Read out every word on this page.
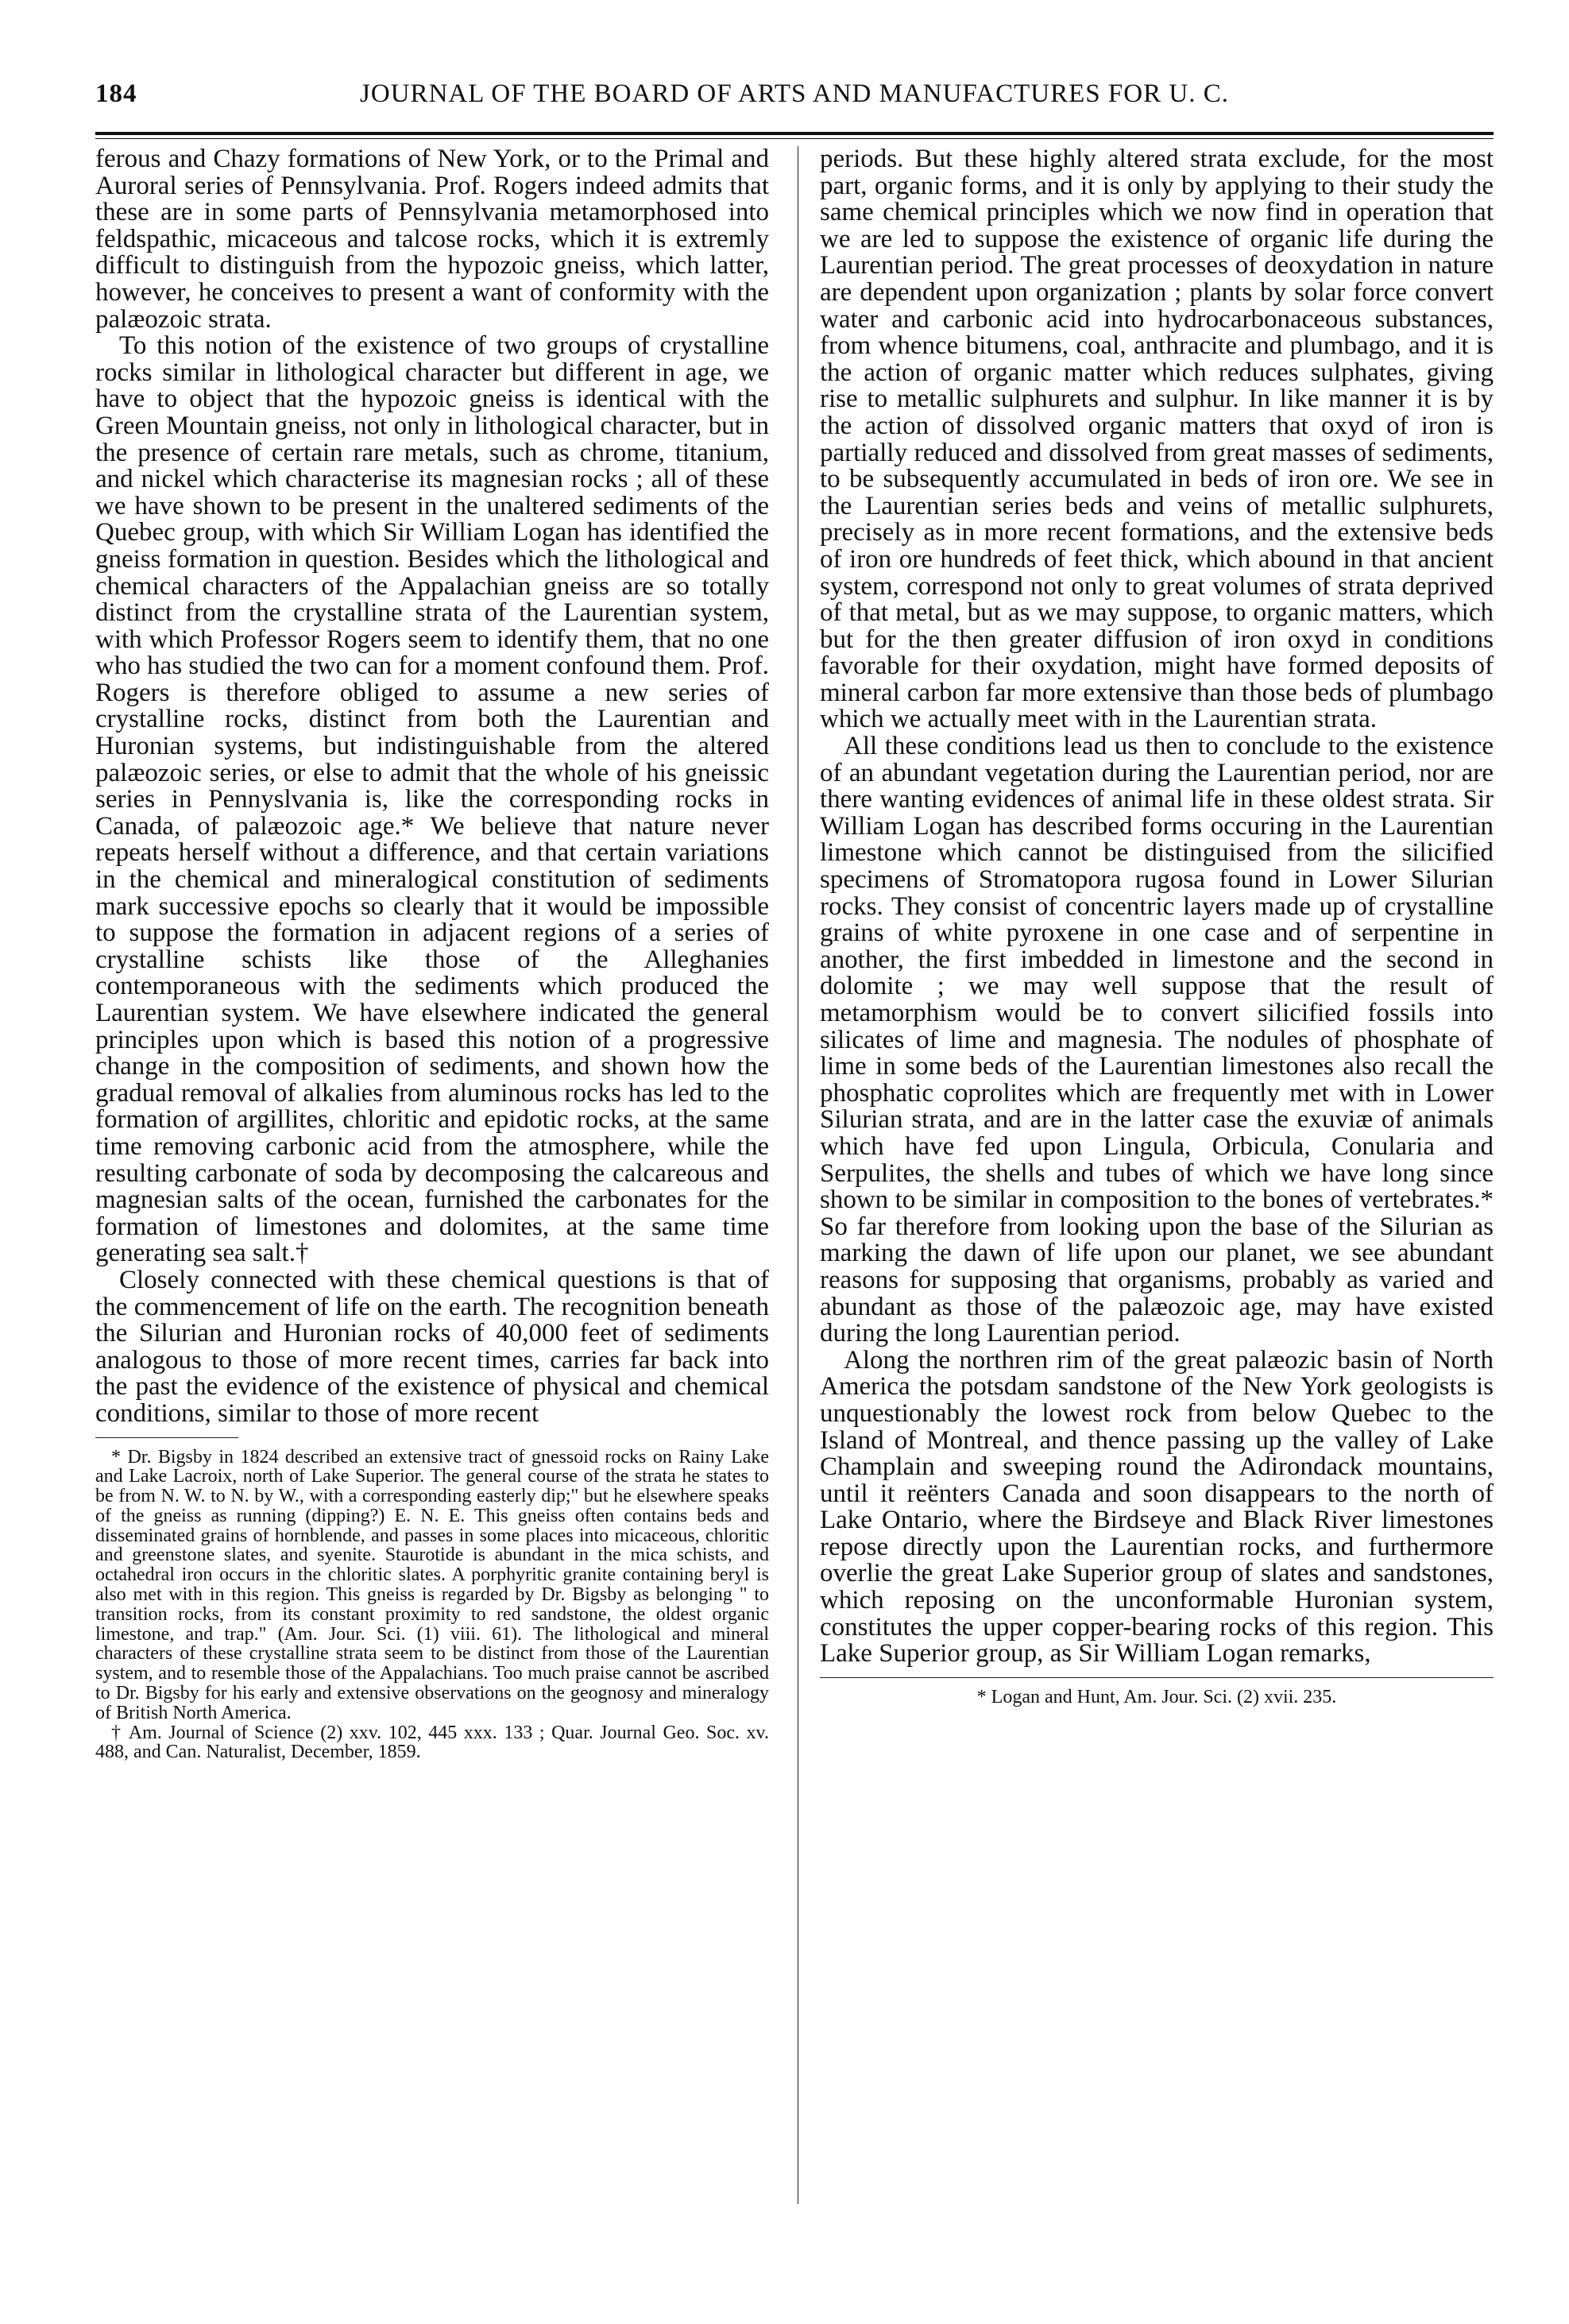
184	JOURNAL OF THE BOARD OF ARTS AND MANUFACTURES FOR U. C.

ferous and Chazy formations of New York, or to the Primal and Auroral series of Pennsylvania. Prof. Rogers indeed admits that these are in some parts of Pennsylvania metamorphosed into feldspathic, micaceous and talcose rocks, which it is extremly difficult to distinguish from the hypozoic gneiss, which latter, however, he conceives to present a want of conformity with the palæozoic strata.

To this notion of the existence of two groups of crystalline rocks similar in lithological character but different in age, we have to object that the hypozoic gneiss is identical with the Green Mountain gneiss, not only in lithological character, but in the presence of certain rare metals, such as chrome, titanium, and nickel which characterise its magnesian rocks ; all of these we have shown to be present in the unaltered sediments of the Quebec group, with which Sir William Logan has identified the gneiss formation in question. Besides which the lithological and chemical characters of the Appalachian gneiss are so totally distinct from the crystalline strata of the Laurentian system, with which Professor Rogers seem to identify them, that no one who has studied the two can for a moment confound them. Prof. Rogers is therefore obliged to assume a new series of crystalline rocks, distinct from both the Laurentian and Huronian systems, but indistinguishable from the altered palæozoic series, or else to admit that the whole of his gneissic series in Pennyslvania is, like the corresponding rocks in Canada, of palæozoic age.* We believe that nature never repeats herself without a difference, and that certain variations in the chemical and mineralogical constitution of sediments mark successive epochs so clearly that it would be impossible to suppose the formation in adjacent regions of a series of crystalline schists like those of the Alleghanies contemporaneous with the sediments which produced the Laurentian system. We have elsewhere indicated the general principles upon which is based this notion of a progressive change in the composition of sediments, and shown how the gradual removal of alkalies from aluminous rocks has led to the formation of argillites, chloritic and epidotic rocks, at the same time removing carbonic acid from the atmosphere, while the resulting carbonate of soda by decomposing the calcareous and magnesian salts of the ocean, furnished the carbonates for the formation of limestones and dolomites, at the same time generating sea salt.†

Closely connected with these chemical questions is that of the commencement of life on the earth. The recognition beneath the Silurian and Huronian rocks of 40,000 feet of sediments analogous to those of more recent times, carries far back into the past the evidence of the existence of physical and chemical conditions, similar to those of more recent

* Dr. Bigsby in 1824 described an extensive tract of gnessoid rocks on Rainy Lake and Lake Lacroix, north of Lake Superior. The general course of the strata he states to be from N. W. to N. by W., with a corresponding easterly dip;" but he elsewhere speaks of the gneiss as running (dipping?) E. N. E. This gneiss often contains beds and disseminated grains of hornblende, and passes in some places into micaceous, chloritic and greenstone slates, and syenite. Staurotide is abundant in the mica schists, and octahedral iron occurs in the chloritic slates. A porphyritic granite containing beryl is also met with in this region. This gneiss is regarded by Dr. Bigsby as belonging " to transition rocks, from its constant proximity to red sandstone, the oldest organic limestone, and trap." (Am. Jour. Sci. (1) viii. 61). The lithological and mineral characters of these crystalline strata seem to be distinct from those of the Laurentian system, and to resemble those of the Appalachians. Too much praise cannot be ascribed to Dr. Bigsby for his early and extensive observations on the geognosy and mineralogy of British North America.

† Am. Journal of Science (2) xxv. 102, 445 xxx. 133 ; Quar. Journal Geo. Soc. xv. 488, and Can. Naturalist, December, 1859.

periods. But these highly altered strata exclude, for the most part, organic forms, and it is only by applying to their study the same chemical principles which we now find in operation that we are led to suppose the existence of organic life during the Laurentian period. The great processes of deoxydation in nature are dependent upon organization ; plants by solar force convert water and carbonic acid into hydrocarbonaceous substances, from whence bitumens, coal, anthracite and plumbago, and it is the action of organic matter which reduces sulphates, giving rise to metallic sulphurets and sulphur. In like manner it is by the action of dissolved organic matters that oxyd of iron is partially reduced and dissolved from great masses of sediments, to be subsequently accumulated in beds of iron ore. We see in the Laurentian series beds and veins of metallic sulphurets, precisely as in more recent formations, and the extensive beds of iron ore hundreds of feet thick, which abound in that ancient system, correspond not only to great volumes of strata deprived of that metal, but as we may suppose, to organic matters, which but for the then greater diffusion of iron oxyd in conditions favorable for their oxydation, might have formed deposits of mineral carbon far more extensive than those beds of plumbago which we actually meet with in the Laurentian strata.

All these conditions lead us then to conclude to the existence of an abundant vegetation during the Laurentian period, nor are there wanting evidences of animal life in these oldest strata. Sir William Logan has described forms occuring in the Laurentian limestone which cannot be distinguised from the silicified specimens of Stromatopora rugosa found in Lower Silurian rocks. They consist of concentric layers made up of crystalline grains of white pyroxene in one case and of serpentine in another, the first imbedded in limestone and the second in dolomite ; we may well suppose that the result of metamorphism would be to convert silicified fossils into silicates of lime and magnesia. The nodules of phosphate of lime in some beds of the Laurentian limestones also recall the phosphatic coprolites which are frequently met with in Lower Silurian strata, and are in the latter case the exuviæ of animals which have fed upon Lingula, Orbicula, Conularia and Serpulites, the shells and tubes of which we have long since shown to be similar in composition to the bones of vertebrates.* So far therefore from looking upon the base of the Silurian as marking the dawn of life upon our planet, we see abundant reasons for supposing that organisms, probably as varied and abundant as those of the palæozoic age, may have existed during the long Laurentian period.

Along the northren rim of the great palæozic basin of North America the potsdam sandstone of the New York geologists is unquestionably the lowest rock from below Quebec to the Island of Montreal, and thence passing up the valley of Lake Champlain and sweeping round the Adirondack mountains, until it reënters Canada and soon disappears to the north of Lake Ontario, where the Birdseye and Black River limestones repose directly upon the Laurentian rocks, and furthermore overlie the great Lake Superior group of slates and sandstones, which reposing on the unconformable Huronian system, constitutes the upper copper-bearing rocks of this region. This Lake Superior group, as Sir William Logan remarks,

* Logan and Hunt, Am. Jour. Sci. (2) xvii. 235.
